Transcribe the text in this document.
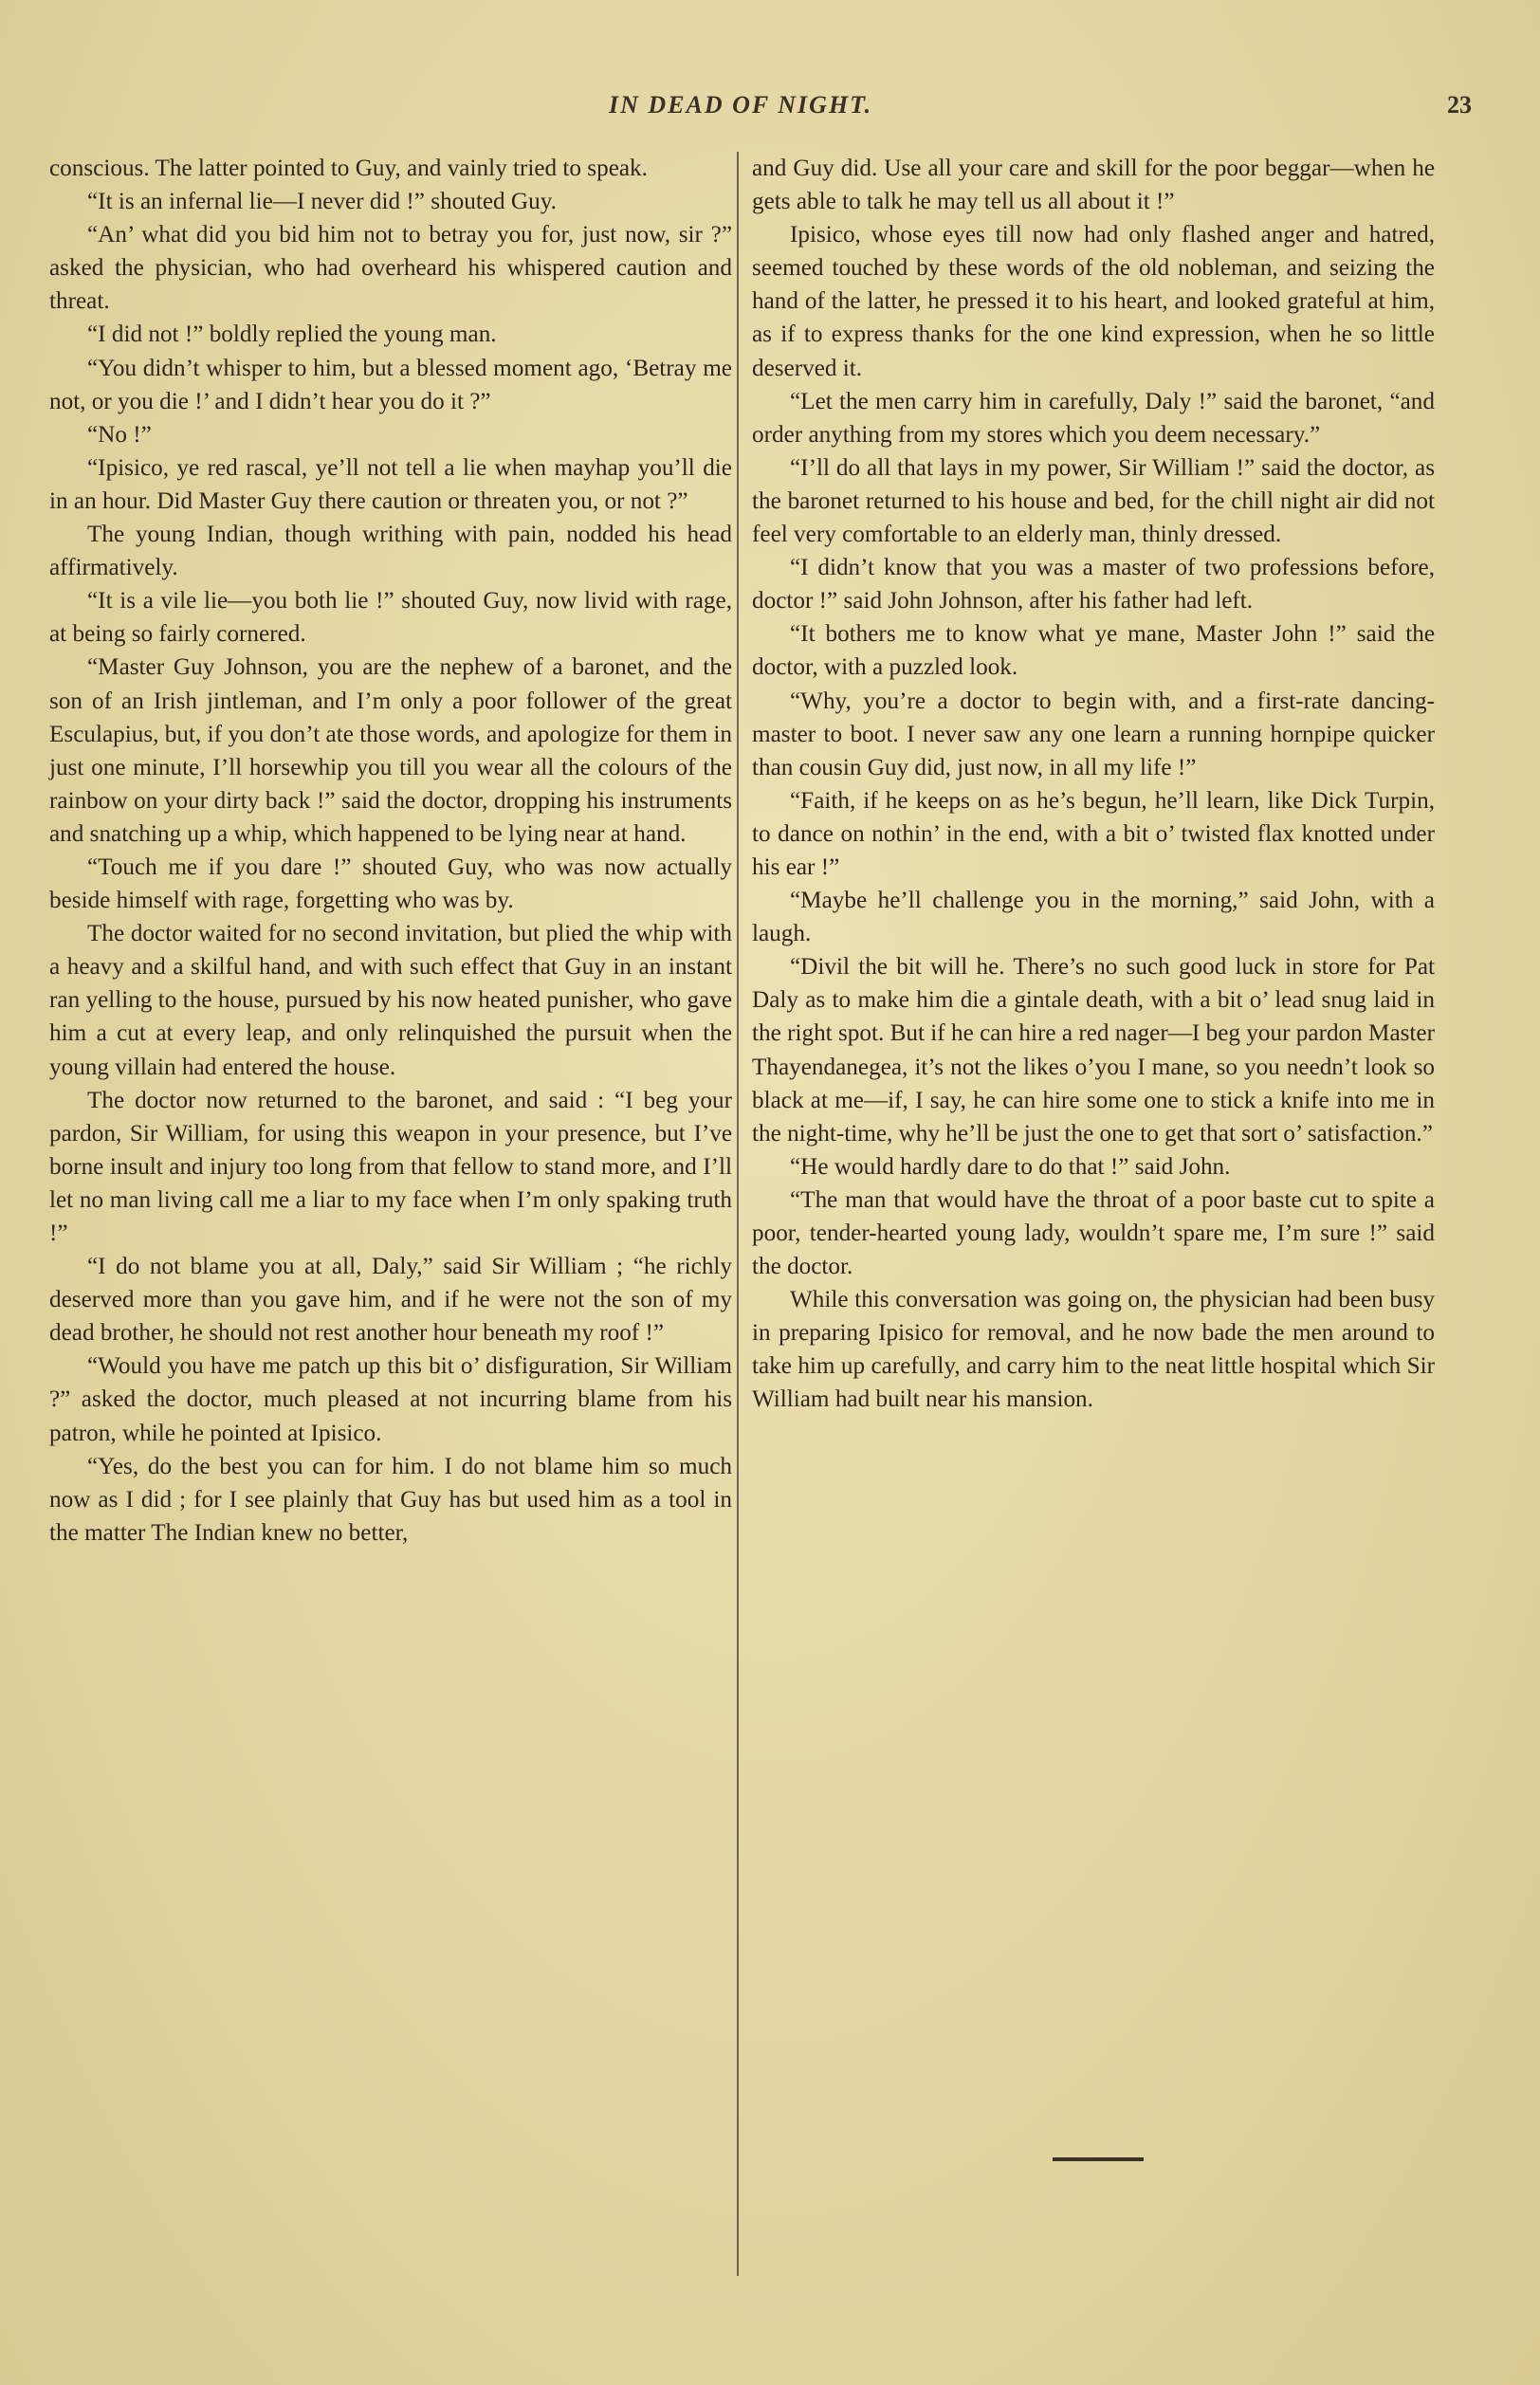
IN DEAD OF NIGHT.	23

conscious. The latter pointed to Guy, and vainly tried to speak.

“It is an infernal lie—I never did !” shouted Guy.

“An’ what did you bid him not to betray you for, just now, sir ?” asked the physician, who had overheard his whispered caution and threat.

“I did not !” boldly replied the young man.

“You didn’t whisper to him, but a blessed moment ago, ‘Betray me not, or you die !’ and I didn’t hear you do it ?”

“No !”

“Ipisico, ye red rascal, ye’ll not tell a lie when mayhap you’ll die in an hour. Did Master Guy there caution or threaten you, or not ?”

The young Indian, though writhing with pain, nodded his head affirmatively.

“It is a vile lie—you both lie !” shouted Guy, now livid with rage, at being so fairly cornered.

“Master Guy Johnson, you are the nephew of a baronet, and the son of an Irish jintleman, and I’m only a poor follower of the great Esculapius, but, if you don’t ate those words, and apologize for them in just one minute, I’ll horsewhip you till you wear all the colours of the rainbow on your dirty back !” said the doctor, dropping his instruments and snatching up a whip, which happened to be lying near at hand.

“Touch me if you dare !” shouted Guy, who was now actually beside himself with rage, forgetting who was by.

The doctor waited for no second invitation, but plied the whip with a heavy and a skilful hand, and with such effect that Guy in an instant ran yelling to the house, pursued by his now heated punisher, who gave him a cut at every leap, and only relinquished the pursuit when the young villain had entered the house.

The doctor now returned to the baronet, and said : “I beg your pardon, Sir William, for using this weapon in your presence, but I’ve borne insult and injury too long from that fellow to stand more, and I’ll let no man living call me a liar to my face when I’m only spaking truth !”

“I do not blame you at all, Daly,” said Sir William ; “he richly deserved more than you gave him, and if he were not the son of my dead brother, he should not rest another hour beneath my roof !”

“Would you have me patch up this bit o’ disfiguration, Sir William ?” asked the doctor, much pleased at not incurring blame from his patron, while he pointed at Ipisico.

“Yes, do the best you can for him. I do not blame him so much now as I did ; for I see plainly that Guy has but used him as a tool in the matter The Indian knew no better,

and Guy did. Use all your care and skill for the poor beggar—when he gets able to talk he may tell us all about it !”

Ipisico, whose eyes till now had only flashed anger and hatred, seemed touched by these words of the old nobleman, and seizing the hand of the latter, he pressed it to his heart, and looked grateful at him, as if to express thanks for the one kind expression, when he so little deserved it.

“Let the men carry him in carefully, Daly !” said the baronet, “and order anything from my stores which you deem necessary.”

“I’ll do all that lays in my power, Sir William !” said the doctor, as the baronet returned to his house and bed, for the chill night air did not feel very comfortable to an elderly man, thinly dressed.

“I didn’t know that you was a master of two professions before, doctor !” said John Johnson, after his father had left.

“It bothers me to know what ye mane, Master John !” said the doctor, with a puzzled look.

“Why, you’re a doctor to begin with, and a first-rate dancing-master to boot. I never saw any one learn a running hornpipe quicker than cousin Guy did, just now, in all my life !”

“Faith, if he keeps on as he’s begun, he’ll learn, like Dick Turpin, to dance on nothin’ in the end, with a bit o’ twisted flax knotted under his ear !”

“Maybe he’ll challenge you in the morning,” said John, with a laugh.

“Divil the bit will he. There’s no such good luck in store for Pat Daly as to make him die a gintale death, with a bit o’ lead snug laid in the right spot. But if he can hire a red nager—I beg your pardon Master Thayendanegea, it’s not the likes o’you I mane, so you needn’t look so black at me—if, I say, he can hire some one to stick a knife into me in the night-time, why he’ll be just the one to get that sort o’ satisfaction.”

“He would hardly dare to do that !” said John.

“The man that would have the throat of a poor baste cut to spite a poor, tender-hearted young lady, wouldn’t spare me, I’m sure !” said the doctor.

While this conversation was going on, the physician had been busy in preparing Ipisico for removal, and he now bade the men around to take him up carefully, and carry him to the neat little hospital which Sir William had built near his mansion.
